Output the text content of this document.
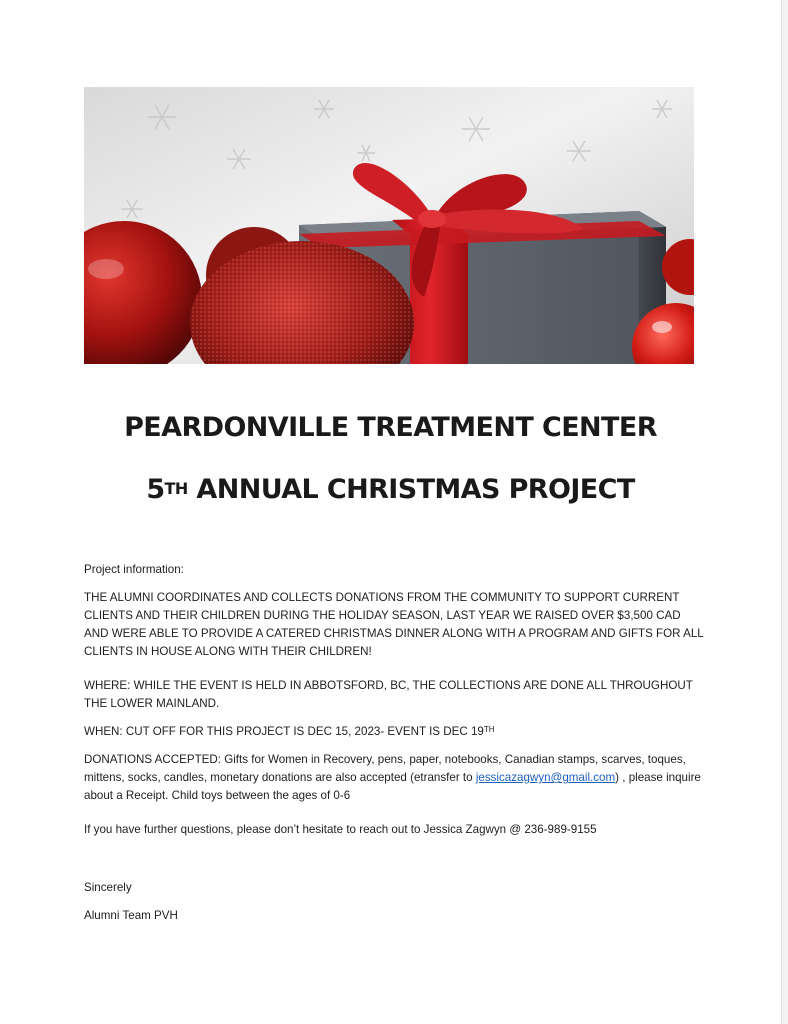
PEARDONVILLE TREATMENT CENTER
5TH ANNUAL CHRISTMAS PROJECT
Project information:
THE ALUMNI COORDINATES AND COLLECTS DONATIONS FROM THE COMMUNITY TO SUPPORT CURRENT CLIENTS AND THEIR CHILDREN DURING THE HOLIDAY SEASON, LAST YEAR WE RAISED OVER $3,500 CAD AND WERE ABLE TO PROVIDE A CATERED CHRISTMAS DINNER ALONG WITH A PROGRAM AND GIFTS FOR ALL CLIENTS IN HOUSE ALONG WITH THEIR CHILDREN!
WHERE: WHILE THE EVENT IS HELD IN ABBOTSFORD, BC, THE COLLECTIONS ARE DONE ALL THROUGHOUT THE LOWER MAINLAND.
WHEN: CUT OFF FOR THIS PROJECT IS DEC 15, 2023- EVENT IS DEC 19TH
DONATIONS ACCEPTED: Gifts for Women in Recovery, pens, paper, notebooks, Canadian stamps, scarves, toques, mittens, socks, candles, monetary donations are also accepted (etransfer to jessicazagwyn@gmail.com) , please inquire about a Receipt. Child toys between the ages of 0-6
If you have further questions, please don’t hesitate to reach out to Jessica Zagwyn @ 236-989-9155
Sincerely
Alumni Team PVH
